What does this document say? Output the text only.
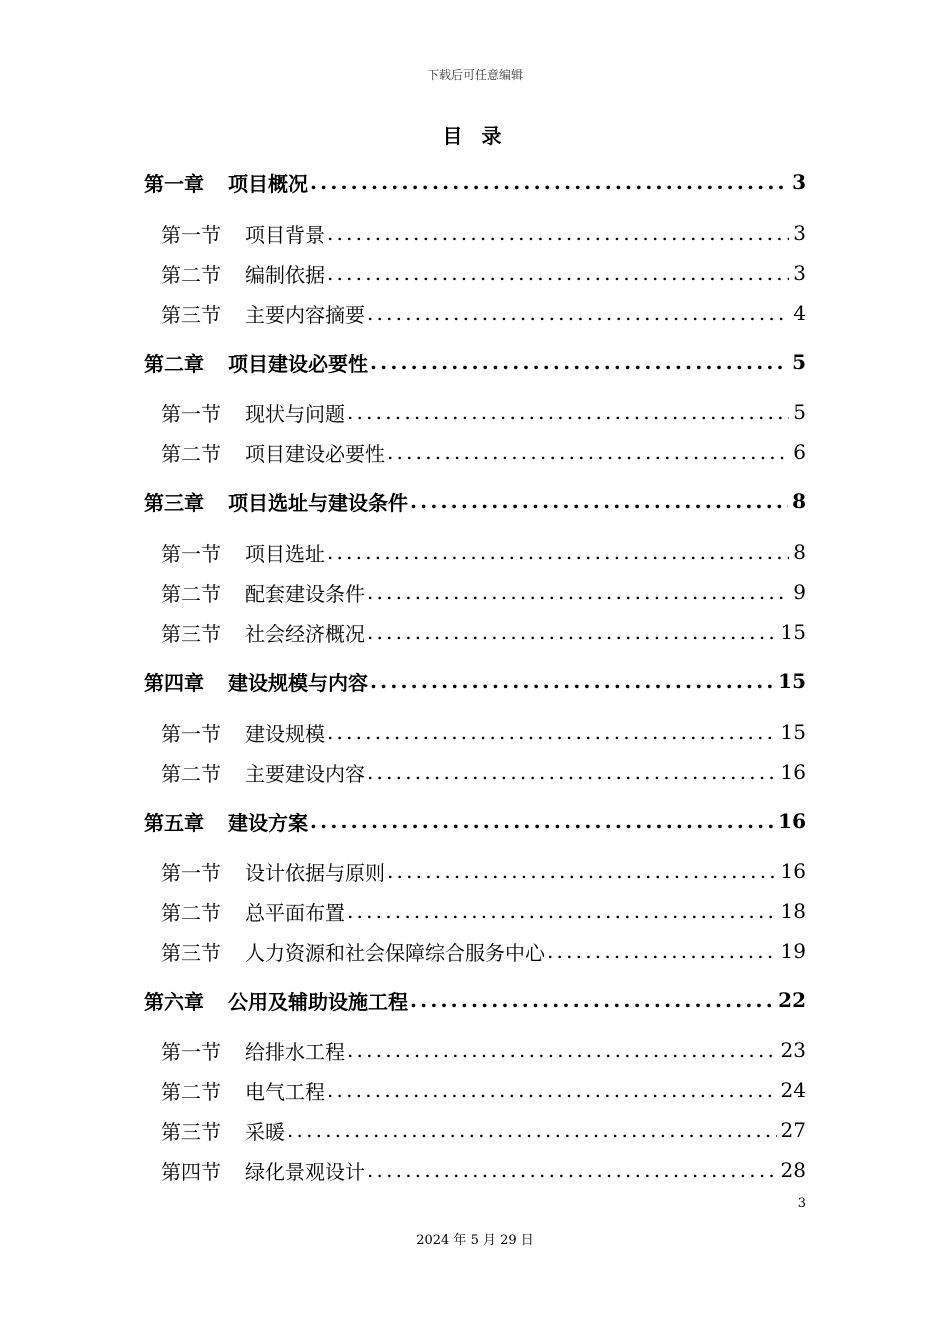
下载后可任意编辑
目 录
第一章 项目概况 .....	3
第一节 项目背景 .....	3
第二节 编制依据 .....	3
第三节 主要内容摘要 .....	4
第二章 项目建设必要性 .....	5
第一节 现状与问题 .....	5
第二节 项目建设必要性 .....	6
第三章 项目选址与建设条件 .....	8
第一节 项目选址 .....	8
第二节 配套建设条件 .....	9
第三节 社会经济概况 .....	15
第四章 建设规模与内容 .....	15
第一节 建设规模 .....	15
第二节 主要建设内容 .....	16
第五章 建设方案 .....	16
第一节 设计依据与原则 .....	16
第二节 总平面布置 .....	18
第三节 人力资源和社会保障综合服务中心 .....	19
第六章 公用及辅助设施工程 .....	22
第一节 给排水工程 .....	23
第二节 电气工程 .....	24
第三节 采暖 .....	27
第四节 绿化景观设计 .....	28
3
2024 年 5 月 29 日
